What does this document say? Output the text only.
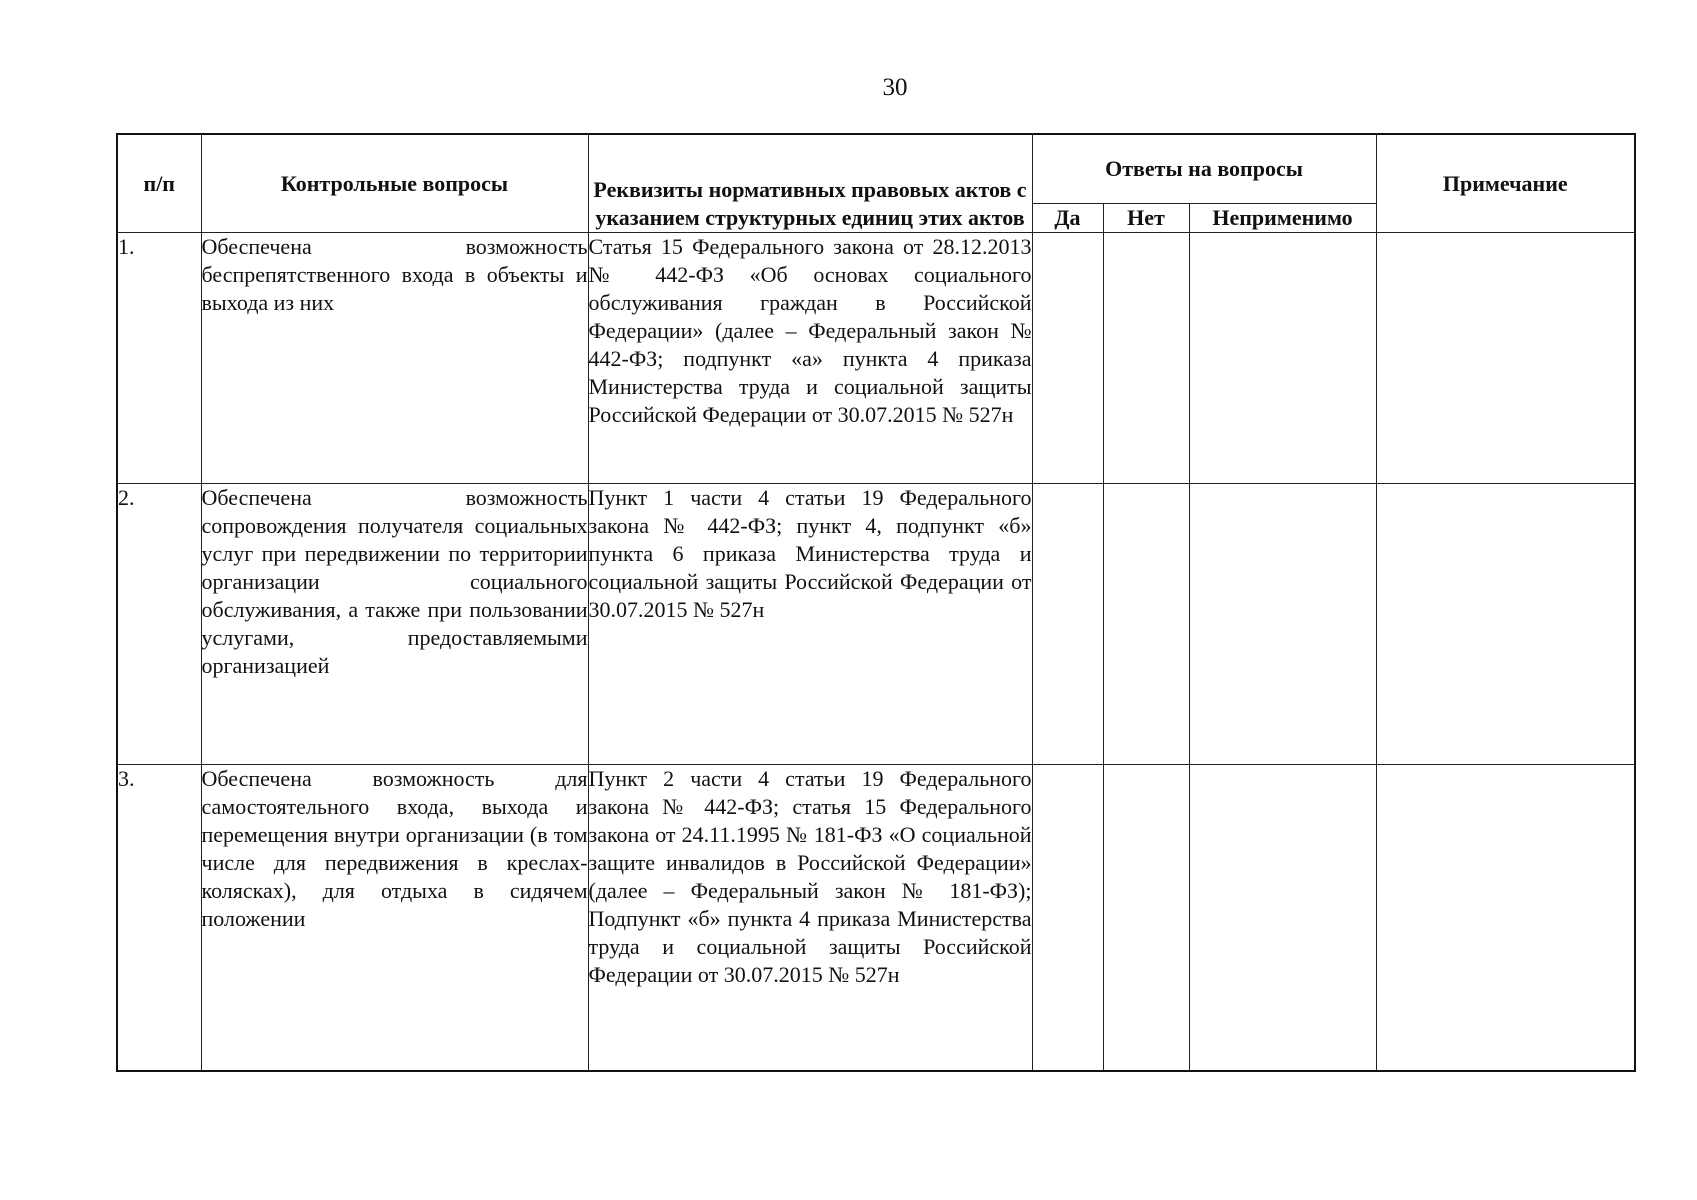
30
п/п	Контрольные вопросы	Реквизиты нормативных правовых актов с указанием структурных единиц этих актов	Ответы на вопросы			Примечание
			Да	Нет	Неприменимо	
1.	Обеспечена возможность беспрепятственного входа в объекты и выхода из них	Статья 15 Федерального закона от 28.12.2013 № 442-ФЗ «Об основах социального обслуживания граждан в Российской Федерации» (далее – Федеральный закон № 442-ФЗ; подпункт «а» пункта 4 приказа Министерства труда и социальной защиты Российской Федерации от 30.07.2015 № 527н				
2.	Обеспечена возможность сопровождения получателя социальных услуг при передвижении по территории организации социального обслуживания, а также при пользовании услугами, предоставляемыми организацией	Пункт 1 части 4 статьи 19 Федерального закона № 442-ФЗ; пункт 4, подпункт «б» пункта 6 приказа Министерства труда и социальной защиты Российской Федерации от 30.07.2015 № 527н				
3.	Обеспечена возможность для самостоятельного входа, выхода и перемещения внутри организации (в том числе для передвижения в креслах-колясках), для отдыха в сидячем положении	Пункт 2 части 4 статьи 19 Федерального закона № 442-ФЗ; статья 15 Федерального закона от 24.11.1995 № 181-ФЗ «О социальной защите инвалидов в Российской Федерации» (далее – Федеральный закон № 181-ФЗ); Подпункт «б» пункта 4 приказа Министерства труда и социальной защиты Российской Федерации от 30.07.2015 № 527н				
